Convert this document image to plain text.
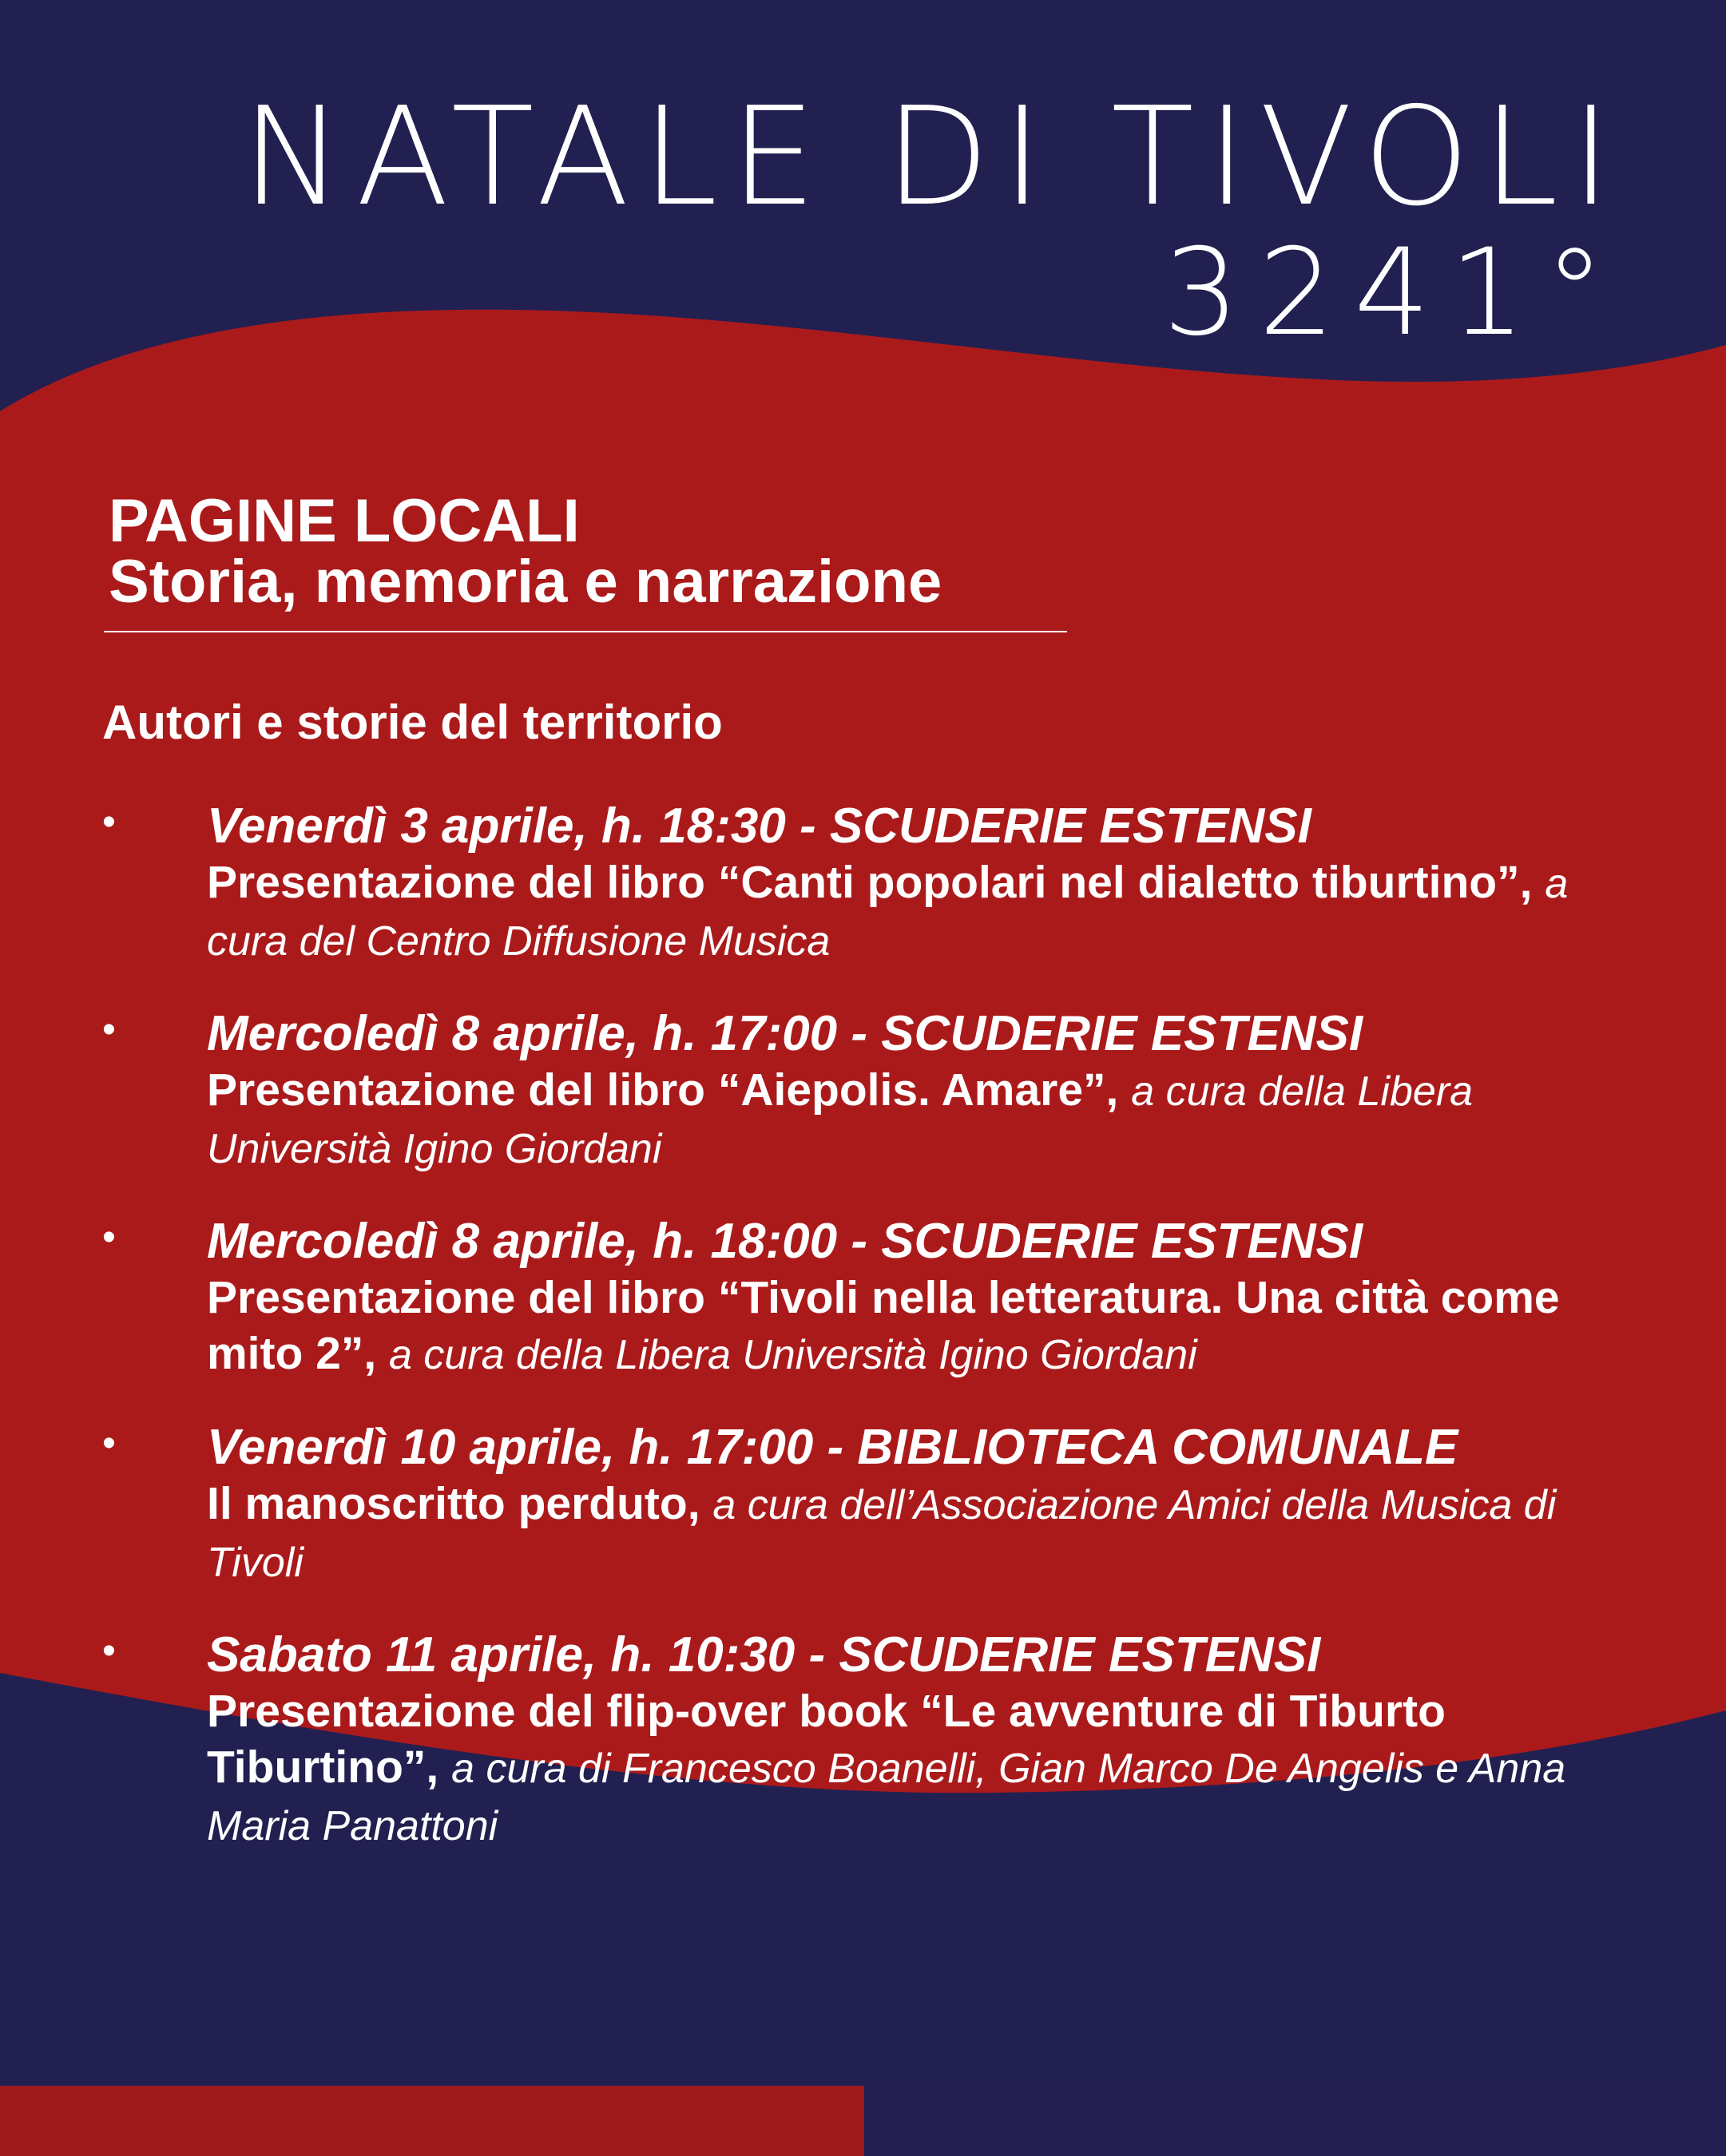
NATALE DI TIVOLI
3241°
PAGINE LOCALI
Storia, memoria e narrazione

Autori e storie del territorio

• Venerdì 3 aprile, h. 18:30 - SCUDERIE ESTENSI
Presentazione del libro “Canti popolari nel dialetto tiburtino”, a cura del Centro Diffusione Musica
• Mercoledì 8 aprile, h. 17:00 - SCUDERIE ESTENSI
Presentazione del libro “Aiepolis. Amare”, a cura della Libera Università Igino Giordani
• Mercoledì 8 aprile, h. 18:00 - SCUDERIE ESTENSI
Presentazione del libro “Tivoli nella letteratura. Una città come mito 2”, a cura della Libera Università Igino Giordani
• Venerdì 10 aprile, h. 17:00 - BIBLIOTECA COMUNALE
Il manoscritto perduto, a cura dell’Associazione Amici della Musica di Tivoli
• Sabato 11 aprile, h. 10:30 - SCUDERIE ESTENSI
Presentazione del flip-over book “Le avventure di Tiburto Tiburtino”, a cura di Francesco Boanelli, Gian Marco De Angelis e Anna Maria Panattoni
